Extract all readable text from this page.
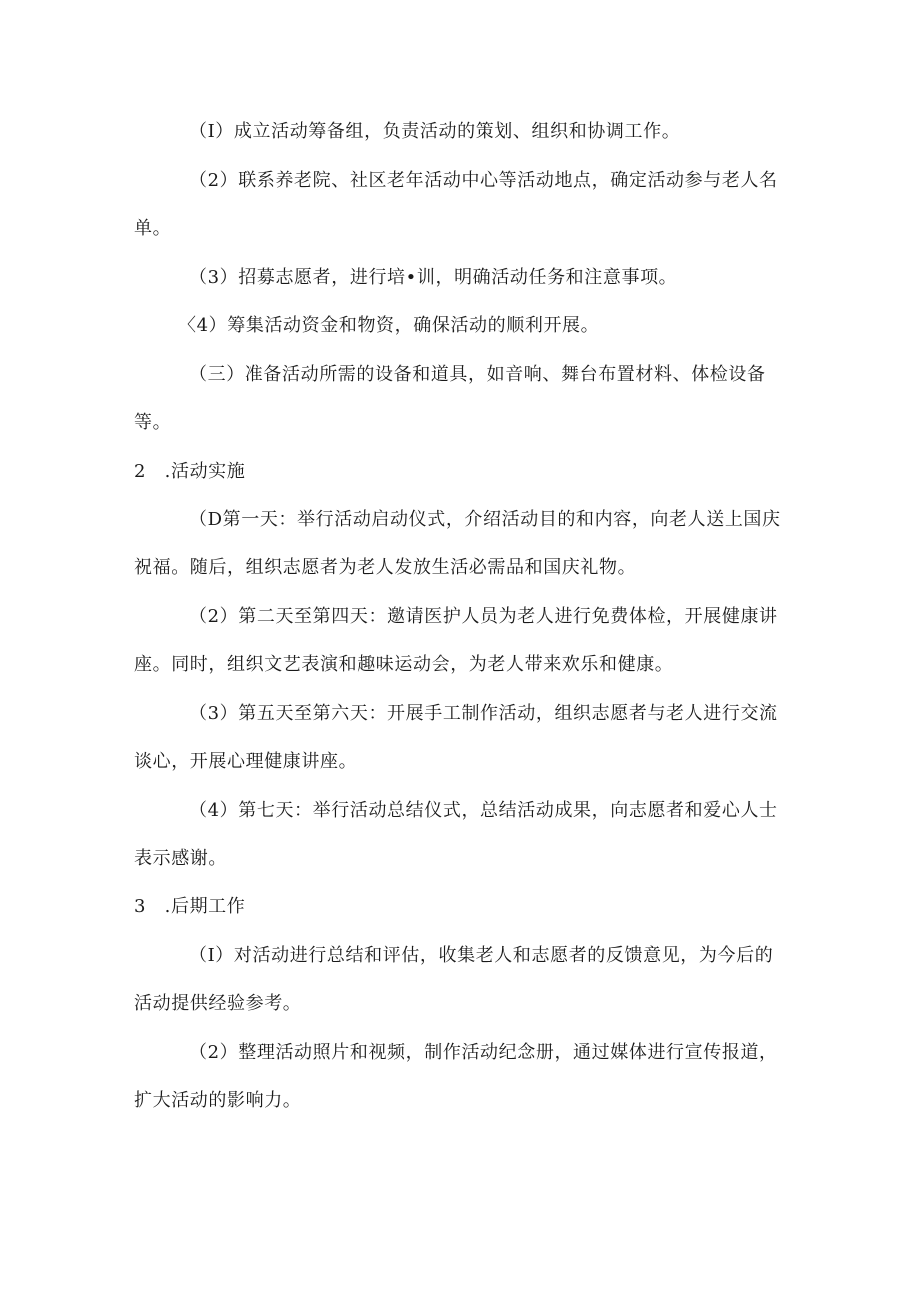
（I）成立活动筹备组，负责活动的策划、组织和协调工作。

（2）联系养老院、社区老年活动中心等活动地点，确定活动参与老人名单。

（3）招募志愿者，进行培•训，明确活动任务和注意事项。

〈4）筹集活动资金和物资，确保活动的顺利开展。

（三）准备活动所需的设备和道具，如音响、舞台布置材料、体检设备等。

2　.活动实施

（D第一天：举行活动启动仪式，介绍活动目的和内容，向老人送上国庆祝福。随后，组织志愿者为老人发放生活必需品和国庆礼物。

（2）第二天至第四天：邀请医护人员为老人进行免费体检，开展健康讲座。同时，组织文艺表演和趣味运动会，为老人带来欢乐和健康。

（3）第五天至第六天：开展手工制作活动，组织志愿者与老人进行交流谈心，开展心理健康讲座。

（4）第七天：举行活动总结仪式，总结活动成果，向志愿者和爱心人士表示感谢。

3　.后期工作

（I）对活动进行总结和评估，收集老人和志愿者的反馈意见，为今后的活动提供经验参考。

（2）整理活动照片和视频，制作活动纪念册，通过媒体进行宣传报道，扩大活动的影响力。
